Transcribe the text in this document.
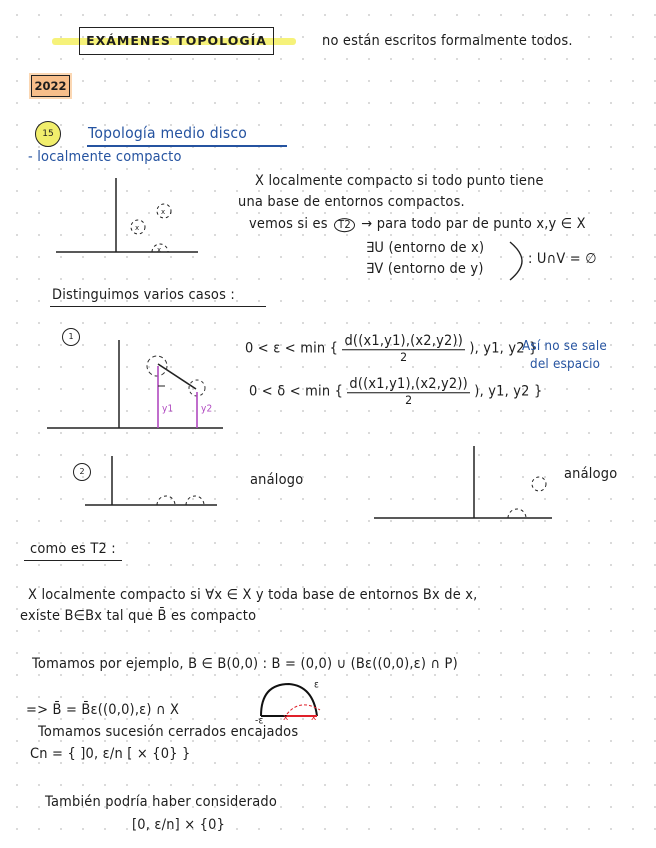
EXÁMENES TOPOLOGÍA	no están escritos formalmente todos.
2022
15	Topología medio disco
- localmente compacto
x
x
x
X localmente compacto si todo punto tiene
una base de entornos compactos.
vemos si es T2 → para todo par de punto x,y ∈ X
∃U (entorno de x)
∃V (entorno de y)
: U∩V = ∅
Distinguimos varios casos :
1
y1	y2
0 < ε < min { $\frac{d((x1,y1),(x2,y2))}{2}$ ), y1, y2 }
Así no se sale
del espacio
0 < δ < min { $\frac{d((x1,y1),(x2,y2))}{2}$ ), y1, y2 }
2
análogo	análogo
como es T2 :
X localmente compacto si ∀x ∈ X y toda base de entornos Bx de x,
existe B∈Bx tal que B̄ es compacto
Tomamos por ejemplo, B ∈ B(0,0) : B = (0,0) ∪ (Bε((0,0),ε) ∩ P)
=> B̄ = B̄ε((0,0),ε) ∩ X	x	x
ε
-ε
Tomamos sucesión cerrados encajados
Cn = { ]0, ε/n [ × {0} }
También podría haber considerado
[0, ε/n] × {0}
